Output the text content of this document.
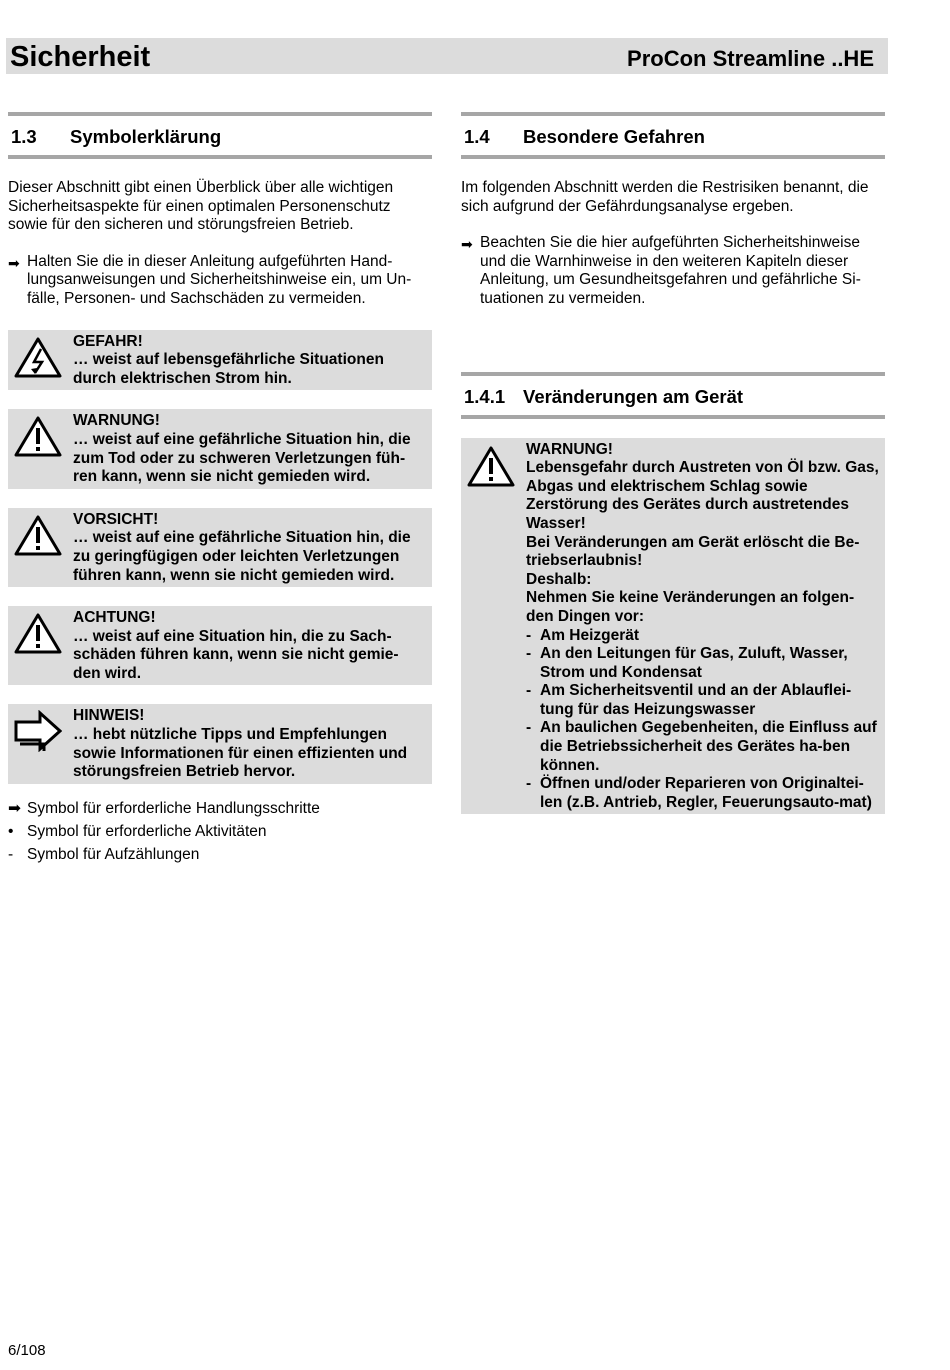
Sicherheit	ProCon Streamline ..HE
1.3 Symbolerklärung

Dieser Abschnitt gibt einen Überblick über alle wichtigen Sicherheitsaspekte für einen optimalen Personenschutz sowie für den sicheren und störungsfreien Betrieb.

➡ Halten Sie die in dieser Anleitung aufgeführten Hand-lungsanweisungen und Sicherheitshinweise ein, um Un-fälle, Personen- und Sachschäden zu vermeiden.
GEFAHR!
… weist auf lebensgefährliche Situationen durch elektrischen Strom hin.
WARNUNG!
… weist auf eine gefährliche Situation hin, die zum Tod oder zu schweren Verletzungen füh-ren kann, wenn sie nicht gemieden wird.
VORSICHT!
… weist auf eine gefährliche Situation hin, die zu geringfügigen oder leichten Verletzungen führen kann, wenn sie nicht gemieden wird.
ACHTUNG!
… weist auf eine Situation hin, die zu Sach-schäden führen kann, wenn sie nicht gemie-den wird.
HINWEIS!
… hebt nützliche Tipps und Empfehlungen sowie Informationen für einen effizienten und störungsfreien Betrieb hervor.
➡ Symbol für erforderliche Handlungsschritte
• Symbol für erforderliche Aktivitäten
- Symbol für Aufzählungen
1.4 Besondere Gefahren

Im folgenden Abschnitt werden die Restrisiken benannt, die sich aufgrund der Gefährdungsanalyse ergeben.

➡ Beachten Sie die hier aufgeführten Sicherheitshinweise und die Warnhinweise in den weiteren Kapiteln dieser Anleitung, um Gesundheitsgefahren und gefährliche Si-tuationen zu vermeiden.
1.4.1 Veränderungen am Gerät
WARNUNG!
Lebensgefahr durch Austreten von Öl bzw. Gas, Abgas und elektrischem Schlag sowie Zerstörung des Gerätes durch austretendes Wasser!
Bei Veränderungen am Gerät erlöscht die Be-triebserlaubnis!
Deshalb:
Nehmen Sie keine Veränderungen an folgen-den Dingen vor:
- Am Heizgerät
- An den Leitungen für Gas, Zuluft, Wasser, Strom und Kondensat
- Am Sicherheitsventil und an der Ablauflei-tung für das Heizungswasser
- An baulichen Gegebenheiten, die Einfluss auf die Betriebssicherheit des Gerätes ha-ben können.
- Öffnen und/oder Reparieren von Originaltei-len (z.B. Antrieb, Regler, Feuerungsauto-mat)
6/108
